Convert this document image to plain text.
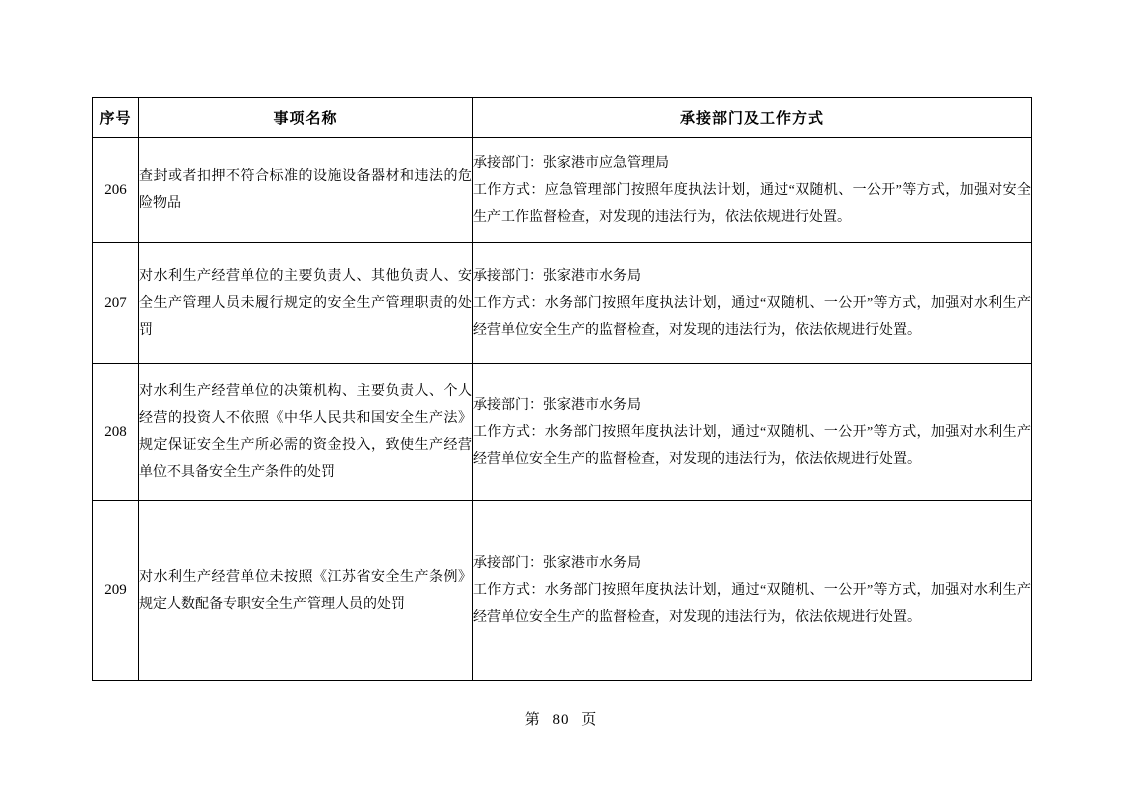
序号	事项名称	承接部门及工作方式
206	查封或者扣押不符合标准的设施设备器材和违法的危险物品	承接部门：张家港市应急管理局
工作方式：应急管理部门按照年度执法计划，通过“双随机、一公开”等方式，加强对安全生产工作监督检查，对发现的违法行为，依法依规进行处置。

207	对水利生产经营单位的主要负责人、其他负责人、安全生产管理人员未履行规定的安全生产管理职责的处罚	承接部门：张家港市水务局
工作方式：水务部门按照年度执法计划，通过“双随机、一公开”等方式，加强对水利生产经营单位安全生产的监督检查，对发现的违法行为，依法依规进行处置。

208	对水利生产经营单位的决策机构、主要负责人、个人经营的投资人不依照《中华人民共和国安全生产法》规定保证安全生产所必需的资金投入，致使生产经营单位不具备安全生产条件的处罚	承接部门：张家港市水务局
工作方式：水务部门按照年度执法计划，通过“双随机、一公开”等方式，加强对水利生产经营单位安全生产的监督检查，对发现的违法行为，依法依规进行处置。

209	对水利生产经营单位未按照《江苏省安全生产条例》规定人数配备专职安全生产管理人员的处罚	承接部门：张家港市水务局
工作方式：水务部门按照年度执法计划，通过“双随机、一公开”等方式，加强对水利生产经营单位安全生产的监督检查，对发现的违法行为，依法依规进行处置。
第 80 页
